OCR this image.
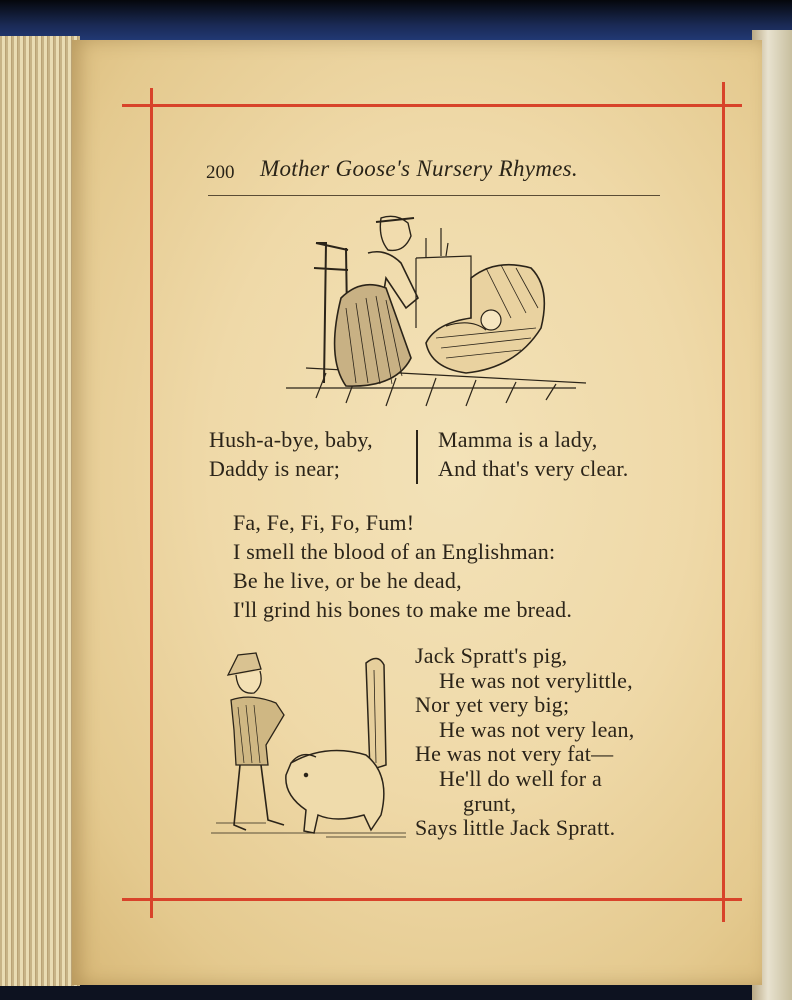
200 Mother Goose's Nursery Rhymes.
Hush-a-bye, baby,
Daddy is near;
Mamma is a lady,
And that's very clear.
Fa, Fe, Fi, Fo, Fum!
I smell the blood of an Englishman:
Be he live, or be he dead,
I'll grind his bones to make me bread.
Jack Spratt's pig,
He was not verylittle,
Nor yet very big;
He was not very lean,
He was not very fat—
He'll do well for a
grunt,
Says little Jack Spratt.
